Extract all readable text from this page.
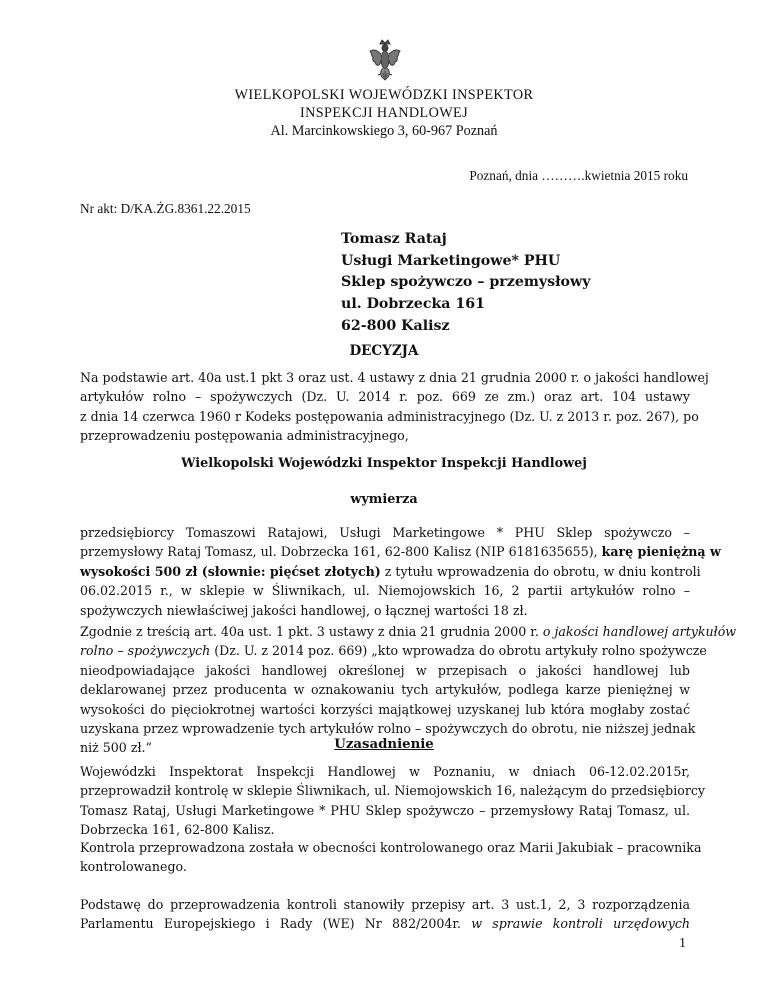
WIELKOPOLSKI WOJEWÓDZKI INSPEKTOR
INSPEKCJI HANDLOWEJ
Al. Marcinkowskiego 3, 60-967 Poznań
Poznań, dnia ……….kwietnia 2015 roku
Nr akt: D/KA.ŻG.8361.22.2015
Tomasz Rataj
Usługi Marketingowe* PHU
Sklep spożywczo – przemysłowy
ul. Dobrzecka 161
62-800 Kalisz
DECYZJA
Na podstawie art. 40a ust.1 pkt 3 oraz ust. 4 ustawy z dnia 21 grudnia 2000 r. o jakości handlowej
artykułów rolno – spożywczych (Dz. U. 2014 r. poz. 669 ze zm.) oraz art. 104 ustawy
z dnia 14 czerwca 1960 r Kodeks postępowania administracyjnego (Dz. U. z 2013 r. poz. 267), po
przeprowadzeniu postępowania administracyjnego,
Wielkopolski Wojewódzki Inspektor Inspekcji Handlowej
wymierza
przedsiębiorcy Tomaszowi Ratajowi, Usługi Marketingowe * PHU Sklep spożywczo –
przemysłowy Rataj Tomasz, ul. Dobrzecka 161, 62-800 Kalisz (NIP 6181635655), karę pieniężną w
wysokości 500 zł (słownie: pięćset złotych) z tytułu wprowadzenia do obrotu, w dniu kontroli
06.02.2015 r., w sklepie w Śliwnikach, ul. Niemojowskich 16, 2 partii artykułów rolno –
spożywczych niewłaściwej jakości handlowej, o łącznej wartości 18 zł.
Zgodnie z treścią art. 40a ust. 1 pkt. 3 ustawy z dnia 21 grudnia 2000 r. o jakości handlowej artykułów
rolno – spożywczych (Dz. U. z 2014 poz. 669) „kto wprowadza do obrotu artykuły rolno spożywcze
nieodpowiadające jakości handlowej określonej w przepisach o jakości handlowej lub
deklarowanej przez producenta w oznakowaniu tych artykułów, podlega karze pieniężnej w
wysokości do pięciokrotnej wartości korzyści majątkowej uzyskanej lub która mogłaby zostać
uzyskana przez wprowadzenie tych artykułów rolno – spożywczych do obrotu, nie niższej jednak
niż 500 zł.”	Uzasadnienie
Wojewódzki Inspektorat Inspekcji Handlowej w Poznaniu, w dniach 06-12.02.2015r,
przeprowadził kontrolę w sklepie Śliwnikach, ul. Niemojowskich 16, należącym do przedsiębiorcy
Tomasz Rataj, Usługi Marketingowe * PHU Sklep spożywczo – przemysłowy Rataj Tomasz, ul.
Dobrzecka 161, 62-800 Kalisz.
Kontrola przeprowadzona została w obecności kontrolowanego oraz Marii Jakubiak – pracownika
kontrolowanego.
Podstawę do przeprowadzenia kontroli stanowiły przepisy art. 3 ust.1, 2, 3 rozporządzenia
Parlamentu Europejskiego i Rady (WE) Nr 882/2004r. w sprawie kontroli urzędowych
1
